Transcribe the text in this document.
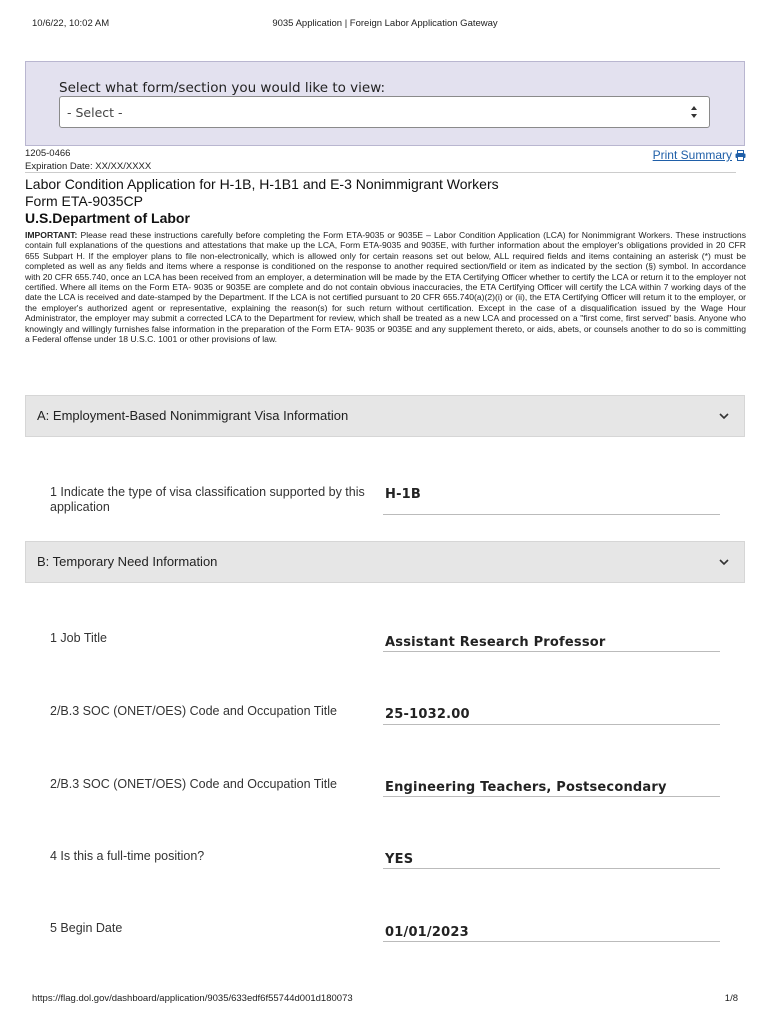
10/6/22, 10:02 AM	9035 Application | Foreign Labor Application Gateway
Select what form/section you would like to view:
- Select -
1205-0466
Expiration Date: XX/XX/XXXX
Print Summary
Labor Condition Application for H-1B, H-1B1 and E-3 Nonimmigrant Workers
Form ETA-9035CP
U.S.Department of Labor
IMPORTANT: Please read these instructions carefully before completing the Form ETA-9035 or 9035E – Labor Condition Application (LCA) for Nonimmigrant Workers. These instructions contain full explanations of the questions and attestations that make up the LCA, Form ETA-9035 and 9035E, with further information about the employer's obligations provided in 20 CFR 655 Subpart H. If the employer plans to file non-electronically, which is allowed only for certain reasons set out below, ALL required fields and items containing an asterisk (*) must be completed as well as any fields and items where a response is conditioned on the response to another required section/field or item as indicated by the section (§) symbol. In accordance with 20 CFR 655.740, once an LCA has been received from an employer, a determination will be made by the ETA Certifying Officer whether to certify the LCA or return it to the employer not certified. Where all items on the Form ETA- 9035 or 9035E are complete and do not contain obvious inaccuracies, the ETA Certifying Officer will certify the LCA within 7 working days of the date the LCA is received and date-stamped by the Department. If the LCA is not certified pursuant to 20 CFR 655.740(a)(2)(i) or (ii), the ETA Certifying Officer will retum it to the employer, or the employer's authorized agent or representative, explaining the reason(s) for such return without certification. Except in the case of a disqualification issued by the Wage Hour Administrator, the employer may submit a corrected LCA to the Department for review, which shall be treated as a new LCA and processed on a "first come, first served" basis. Anyone who knowingly and willingly furnishes false information in the preparation of the Form ETA- 9035 or 9035E and any supplement thereto, or aids, abets, or counsels another to do so is committing a Federal offense under 18 U.S.C. 1001 or other provisions of law.
A: Employment-Based Nonimmigrant Visa Information
1 Indicate the type of visa classification supported by this application
H-1B
B: Temporary Need Information
1 Job Title	Assistant Research Professor
2/B.3 SOC (ONET/OES) Code and Occupation Title	25-1032.00
2/B.3 SOC (ONET/OES) Code and Occupation Title	Engineering Teachers, Postsecondary
4 Is this a full-time position?	YES
5 Begin Date	01/01/2023
https://flag.dol.gov/dashboard/application/9035/633edf6f55744d001d180073	1/8
